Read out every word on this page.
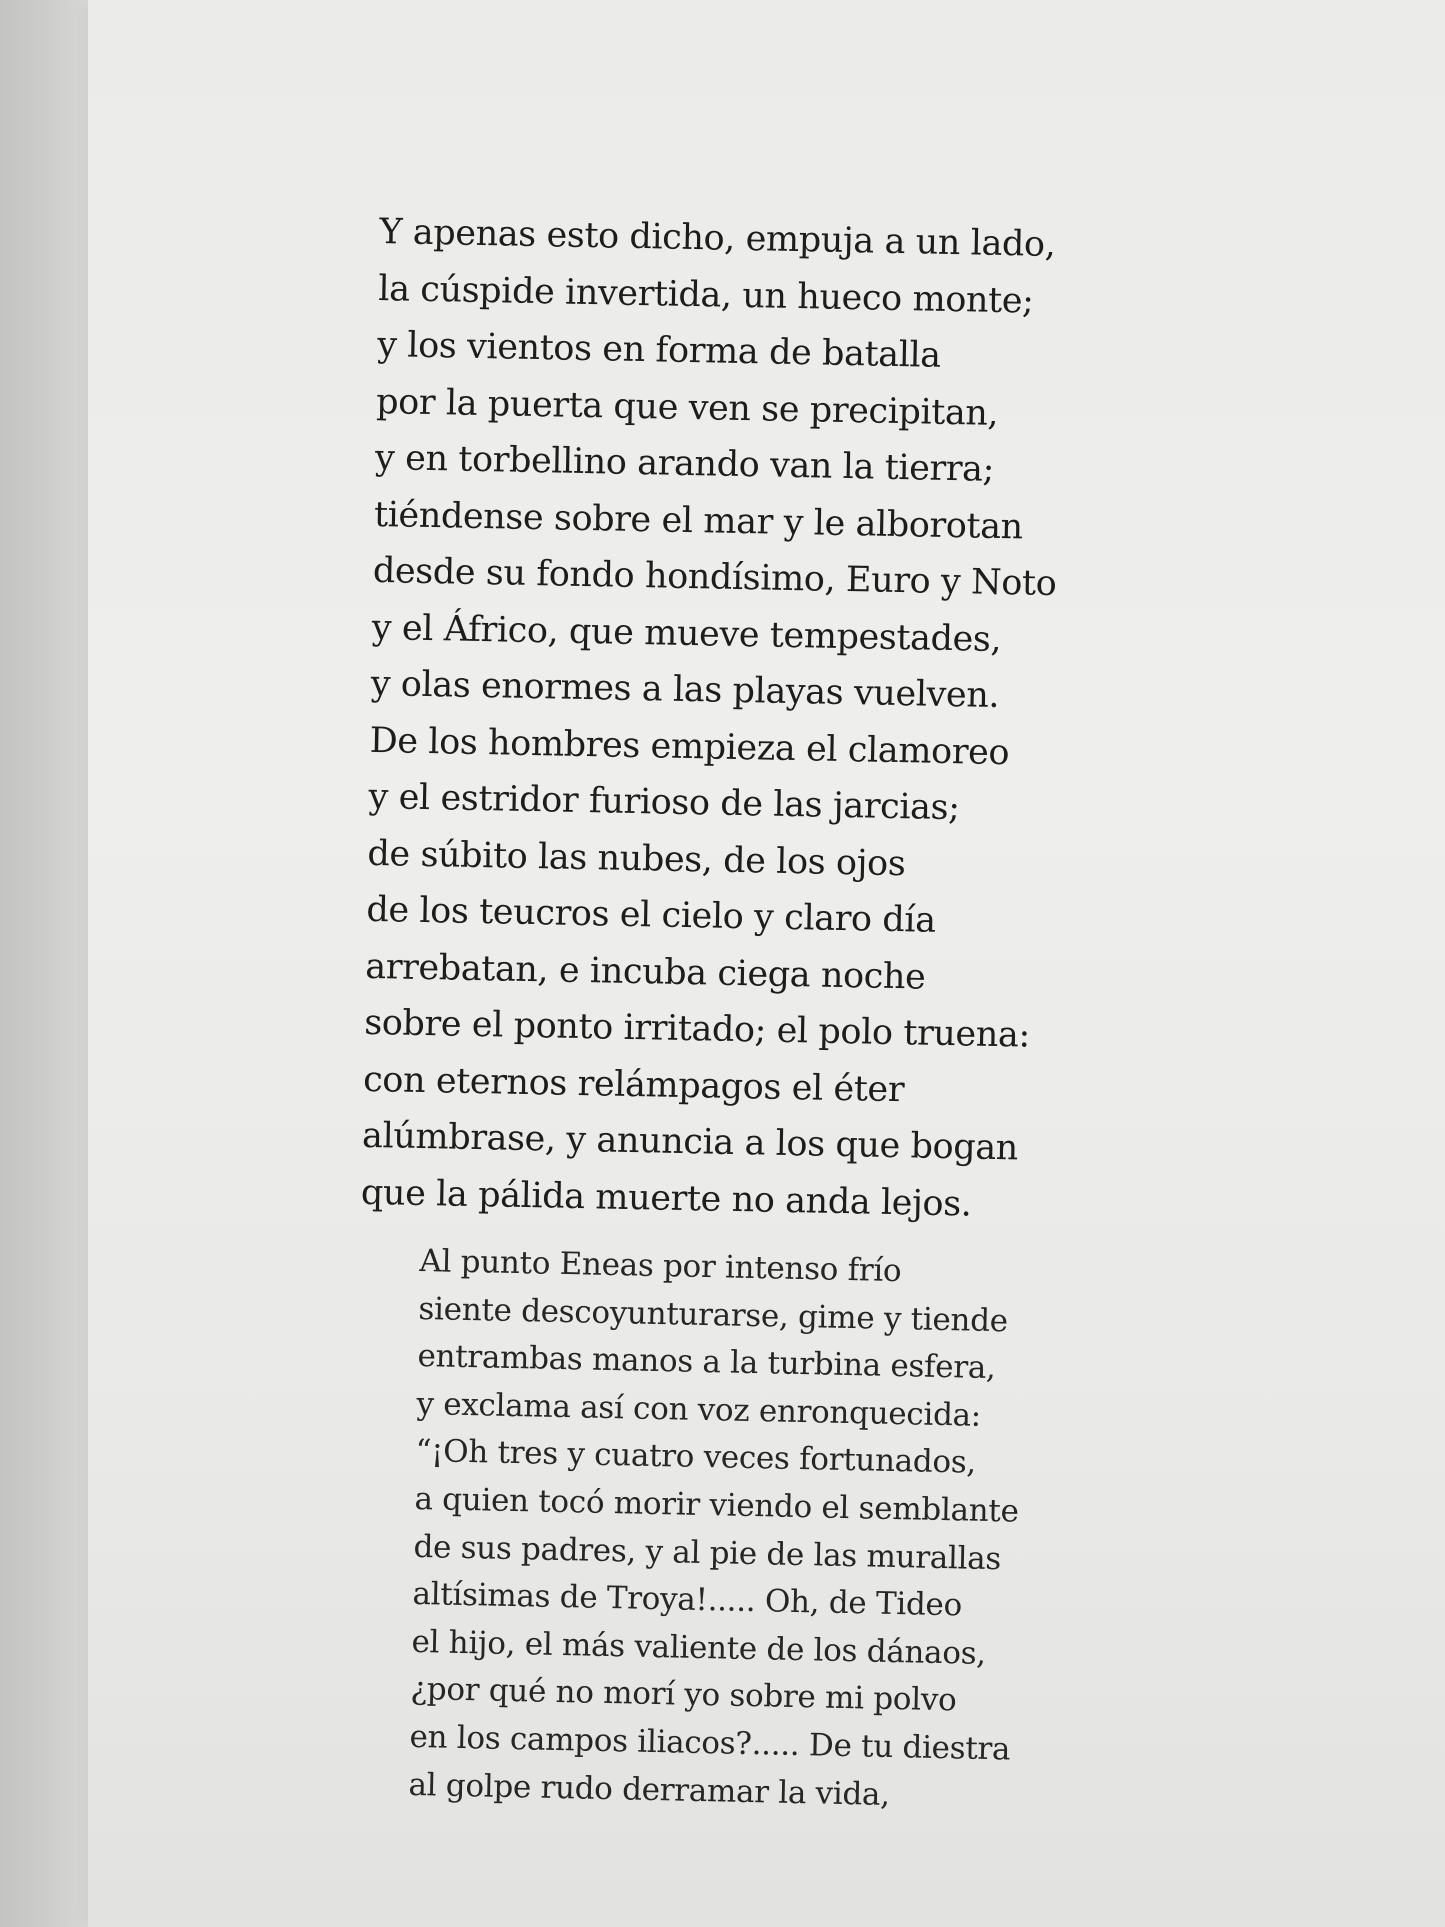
Y apenas esto dicho, empuja a un lado,
la cúspide invertida, un hueco monte;
y los vientos en forma de batalla
por la puerta que ven se precipitan,
y en torbellino arando van la tierra;
tiéndense sobre el mar y le alborotan
desde su fondo hondísimo, Euro y Noto
y el Áfrico, que mueve tempestades,
y olas enormes a las playas vuelven.
De los hombres empieza el clamoreo
y el estridor furioso de las jarcias;
de súbito las nubes, de los ojos
de los teucros el cielo y claro día
arrebatan, e incuba ciega noche
sobre el ponto irritado; el polo truena:
con eternos relámpagos el éter
alúmbrase, y anuncia a los que bogan
que la pálida muerte no anda lejos.
Al punto Eneas por intenso frío
siente descoyunturarse, gime y tiende
entrambas manos a la turbina esfera,
y exclama así con voz enronquecida:
“¡Oh tres y cuatro veces fortunados,
a quien tocó morir viendo el semblante
de sus padres, y al pie de las murallas
altísimas de Troya!..... Oh, de Tideo
el hijo, el más valiente de los dánaos,
¿por qué no morí yo sobre mi polvo
en los campos iliacos?..... De tu diestra
al golpe rudo derramar la vida,
